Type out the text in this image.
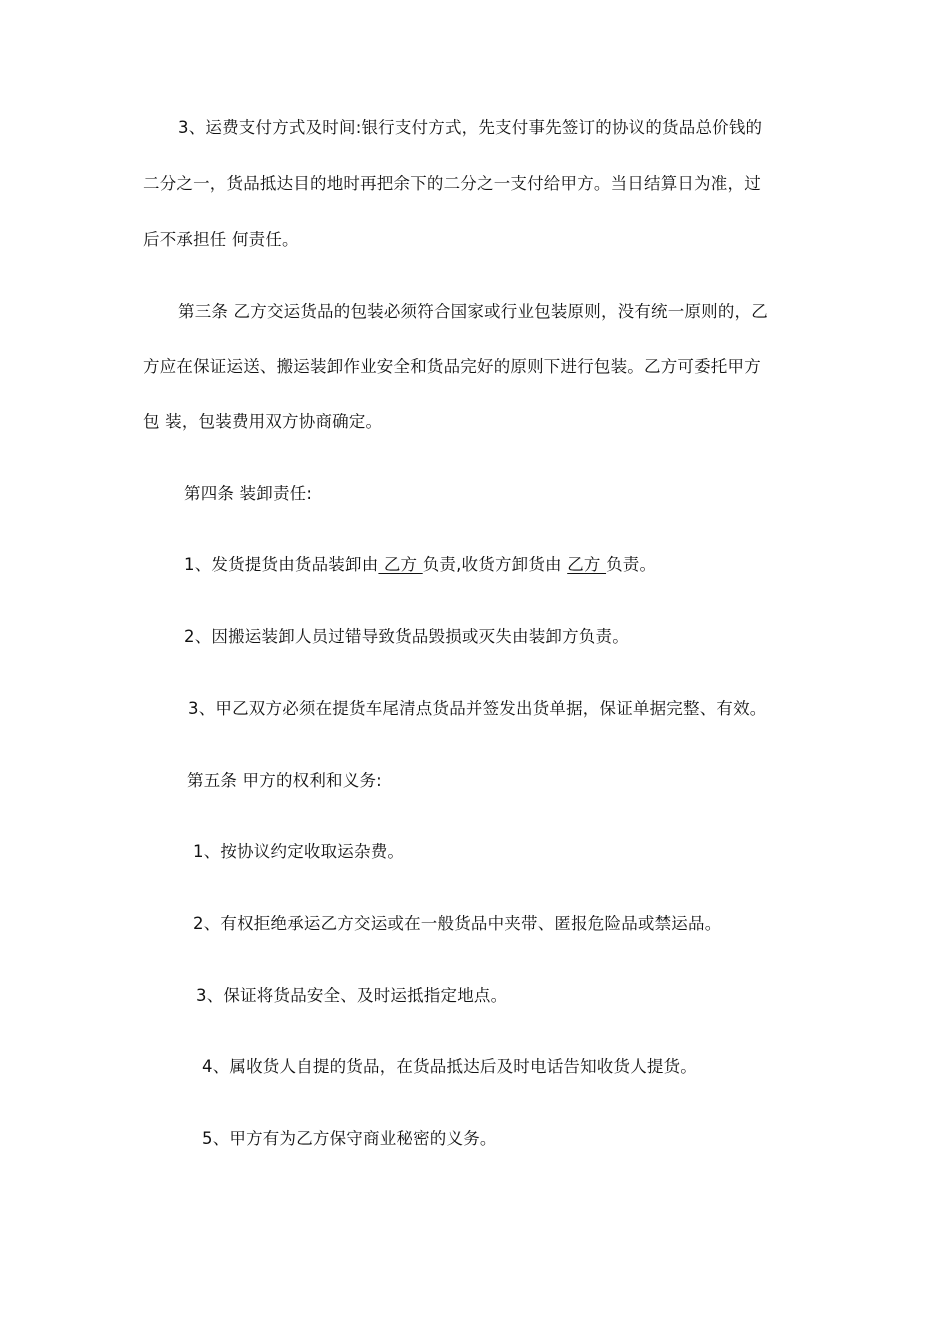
3、运费支付方式及时间:银行支付方式，先支付事先签订的协议的货品总价钱的
二分之一，货品抵达目的地时再把余下的二分之一支付给甲方。当日结算日为准，过
后不承担任 何责任。
第三条 乙方交运货品的包装必须符合国家或行业包装原则，没有统一原则的，乙
方应在保证运送、搬运装卸作业安全和货品完好的原则下进行包装。乙方可委托甲方
包 装，包装费用双方协商确定。
第四条 装卸责任:
1、发货提货由货品装卸由 乙方 负责,收货方卸货由 乙方 负责。
2、因搬运装卸人员过错导致货品毁损或灭失由装卸方负责。
3、甲乙双方必须在提货车尾清点货品并签发出货单据，保证单据完整、有效。
第五条 甲方的权利和义务:
1、按协议约定收取运杂费。
2、有权拒绝承运乙方交运或在一般货品中夹带、匿报危险品或禁运品。
3、保证将货品安全、及时运抵指定地点。
4、属收货人自提的货品，在货品抵达后及时电话告知收货人提货。
5、甲方有为乙方保守商业秘密的义务。
